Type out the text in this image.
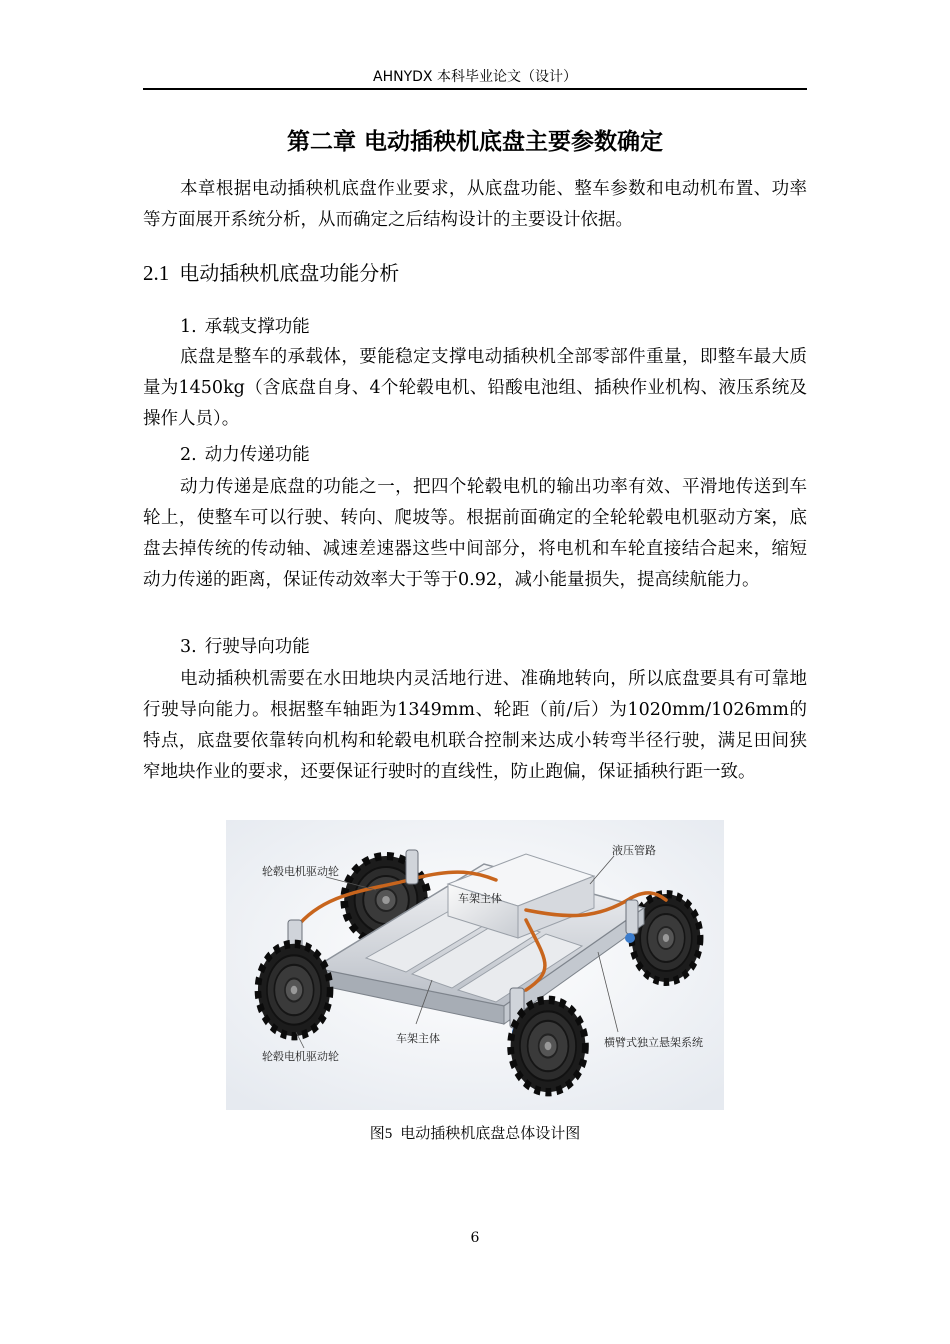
AHNYDX 本科毕业论文（设计）
第二章 电动插秧机底盘主要参数确定

本章根据电动插秧机底盘作业要求，从底盘功能、整车参数和电动机布置、功率等方面展开系统分析，从而确定之后结构设计的主要设计依据。

2.1 电动插秧机底盘功能分析
1. 承载支撑功能

底盘是整车的承载体，要能稳定支撑电动插秧机全部零部件重量，即整车最大质量为1450kg（含底盘自身、4个轮毂电机、铅酸电池组、插秧作业机构、液压系统及操作人员）。

2. 动力传递功能

动力传递是底盘的功能之一，把四个轮毂电机的输出功率有效、平滑地传送到车轮上，使整车可以行驶、转向、爬坡等。根据前面确定的全轮轮毂电机驱动方案，底盘去掉传统的传动轴、减速差速器这些中间部分，将电机和车轮直接结合起来，缩短动力传递的距离，保证传动效率大于等于0.92，减小能量损失，提高续航能力。

3. 行驶导向功能

电动插秧机需要在水田地块内灵活地行进、准确地转向，所以底盘要具有可靠地行驶导向能力。根据整车轴距为1349mm、轮距（前/后）为1020mm/1026mm的特点，底盘要依靠转向机构和轮毂电机联合控制来达成小转弯半径行驶，满足田间狭窄地块作业的要求，还要保证行驶时的直线性，防止跑偏，保证插秧行距一致。

轮毂电机驱动轮
车架主体
液压管路
车架主体	横臂式独立悬架系统
轮毂电机驱动轮
图5 电动插秧机底盘总体设计图
6
